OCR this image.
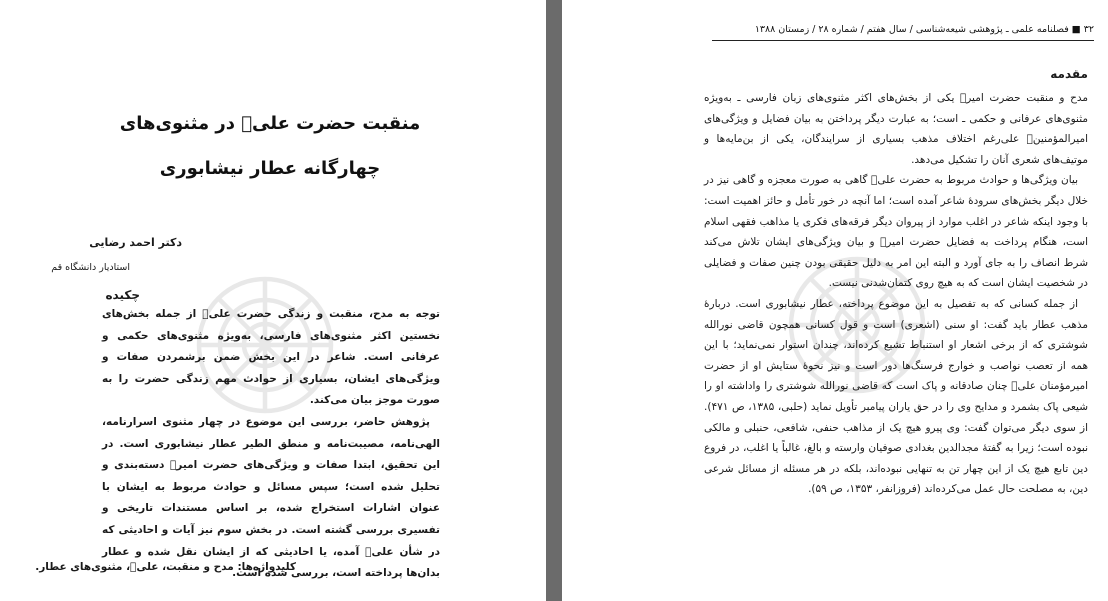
منقبت حضرت علیؑ در مثنوی‌های
چهارگانه عطار نیشابوری
دکتر احمد رضایی
استادیار دانشگاه قم
چکیده

توجه به مدح، منقبت و زندگی حضرت علیؑ از جمله بخش‌های نخستین اکثر مثنوی‌های فارسی، به‌ویژه مثنوی‌های حکمی و عرفانی است. شاعر در این بخش ضمن برشمردن صفات و ویژگی‌های ایشان، بسیاری از حوادث مهم زندگی حضرت را به صورت موجز بیان می‌کند.

پژوهش حاضر، بررسی این موضوع در چهار مثنوی اسرارنامه، الهی‌نامه، مصیبت‌نامه و منطق الطیر عطار نیشابوری است. در این تحقیق، ابتدا صفات و ویژگی‌های حضرت امیرؑ دسته‌بندی و تحلیل شده است؛ سپس مسائل و حوادث مربوط به ایشان با عنوان اشارات استخراج شده، بر اساس مستندات تاریخی و تفسیری بررسی گشته است. در بخش سوم نیز آیات و احادیثی که در شأن علیؑ آمده، یا احادیثی که از ایشان نقل شده و عطار بدان‌ها پرداخته است، بررسی شده است.

کلیدواژه‌ها: مدح و منقبت، علیؑ، مثنوی‌های عطار.
۳۲ ■ فصلنامه علمی ـ پژوهشی شیعه‌شناسی / سال هفتم / شماره ۲۸ / زمستان ۱۳۸۸
مقدمه

مدح و منقبت حضرت امیرؑ یکی از بخش‌های اکثر مثنوی‌های زبان فارسی ـ به‌ویژه مثنوی‌های عرفانی و حکمی ـ است؛ به عبارت دیگر پرداختن به بیان فضایل و ویژگی‌های امیرالمؤمنینؑ علی‌رغم اختلاف مذهب بسیاری از سرایندگان، یکی از بن‌مایه‌ها و موتیف‌های شعری آنان را تشکیل می‌دهد.

بیان ویژگی‌ها و حوادث مربوط به حضرت علیؑ گاهی به صورت معجزه و گاهی نیز در خلال دیگر بخش‌های سرودهٔ شاعر آمده است؛ اما آنچه در خور تأمل و حائز اهمیت است: با وجود اینکه شاعر در اغلب موارد از پیروان دیگر فرقه‌های فکری یا مذاهب فقهی اسلام است، هنگام پرداخت به فضایل حضرت امیرؑ و بیان ویژگی‌های ایشان تلاش می‌کند شرط انصاف را به جای آورد و البته این امر به دلیل حقیقی بودن چنین صفات و فضایلی در شخصیت ایشان است که به هیچ روی کتمان‌شدنی نیست.

از جمله کسانی که به تفصیل به این موضوع پرداخته، عطار نیشابوری است. دربارهٔ مذهب عطار باید گفت: او سنی (اشعری) است و قول کسانی همچون قاضی نورالله شوشتری که از برخی اشعار او استنباط تشیع کرده‌اند، چندان استوار نمی‌نماید؛ با این همه از تعصب نواصب و خوارج فرسنگ‌ها دور است و نیز نحوهٔ ستایش او از حضرت امیرمؤمنان علیؑ چنان صادقانه و پاک است که قاضی نورالله شوشتری را واداشته او را شیعی پاک بشمرد و مدایح وی را در حق یاران پیامبر تأویل نماید (حلبی، ۱۳۸۵، ص ۴۷۱). از سوی دیگر می‌توان گفت: وی پیرو هیچ یک از مذاهب حنفی، شافعی، حنبلی و مالکی نبوده است؛ زیرا به گفتهٔ مجدالدین بغدادی صوفیان وارسته و بالغ، غالباً یا اغلب، در فروع دین تابع هیچ یک از این چهار تن به تنهایی نبوده‌اند، بلکه در هر مسئله از مسائل شرعی دین، به مصلحت حال عمل می‌کرده‌اند (فروزانفر، ۱۳۵۳، ص ۵۹).
